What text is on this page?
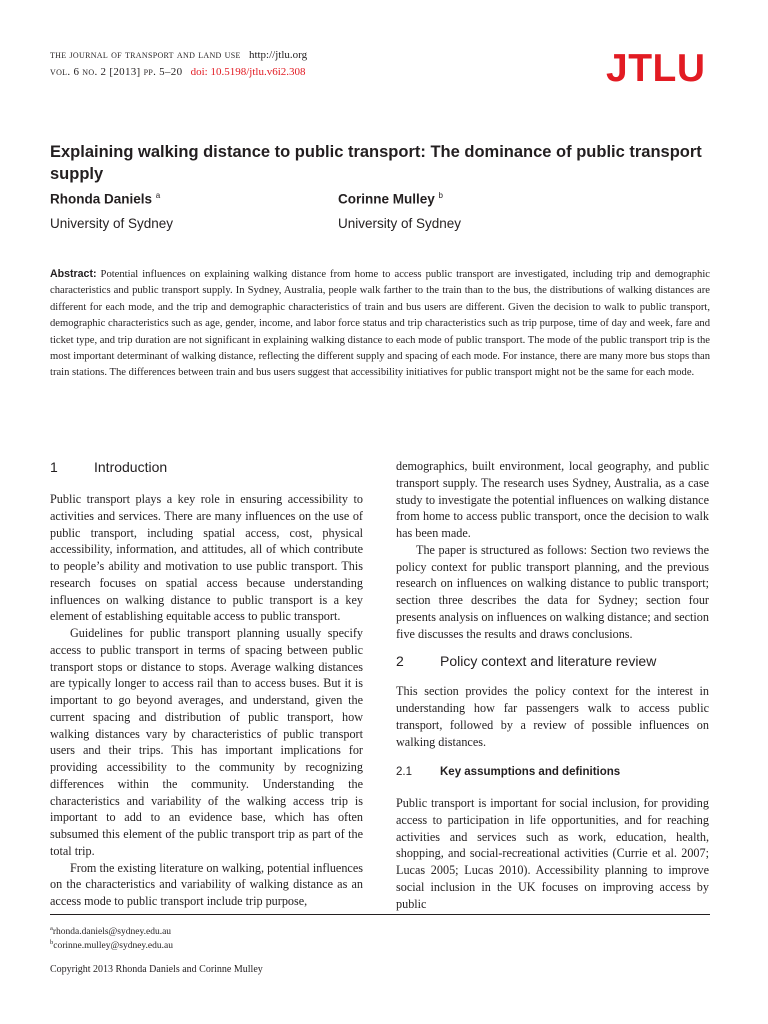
the journal of transport and land use http://jtlu.org
vol. 6 no. 2 [2013] pp. 5–20 doi: 10.5198/jtlu.v6i2.308	JTLU
Explaining walking distance to public transport: The dominance of public transport supply
Rhonda Daniels $^a$
University of Sydney
Corinne Mulley $^b$
University of Sydney
Abstract: Potential influences on explaining walking distance from home to access public transport are investigated, including trip and demographic characteristics and public transport supply. In Sydney, Australia, people walk farther to the train than to the bus, the distributions of walking distances are different for each mode, and the trip and demographic characteristics of train and bus users are different. Given the decision to walk to public transport, demographic characteristics such as age, gender, income, and labor force status and trip characteristics such as trip purpose, time of day and week, fare and ticket type, and trip duration are not significant in explaining walking distance to each mode of public transport. The mode of the public transport trip is the most important determinant of walking distance, reflecting the different supply and spacing of each mode. For instance, there are many more bus stops than train stations. The differences between train and bus users suggest that accessibility initiatives for public transport might not be the same for each mode.
1	Introduction

Public transport plays a key role in ensuring accessibility to activities and services. There are many influences on the use of public transport, including spatial access, cost, physical accessibility, information, and attitudes, all of which contribute to people’s ability and motivation to use public transport. This research focuses on spatial access because understanding influences on walking distance to public transport is a key element of establishing equitable access to public transport.

Guidelines for public transport planning usually specify access to public transport in terms of spacing between public transport stops or distance to stops. Average walking distances are typically longer to access rail than to access buses. But it is important to go beyond averages, and understand, given the current spacing and distribution of public transport, how walking distances vary by characteristics of public transport users and their trips. This has important implications for providing accessibility to the community by recognizing differences within the community. Understanding the characteristics and variability of the walking access trip is important to add to an evidence base, which has often subsumed this element of the public transport trip as part of the total trip.

From the existing literature on walking, potential influences on the characteristics and variability of walking distance as an access mode to public transport include trip purpose,

demographics, built environment, local geography, and public transport supply. The research uses Sydney, Australia, as a case study to investigate the potential influences on walking distance from home to access public transport, once the decision to walk has been made.

The paper is structured as follows: Section two reviews the policy context for public transport planning, and the previous research on influences on walking distance to public transport; section three describes the data for Sydney; section four presents analysis on influences on walking distance; and section five discusses the results and draws conclusions.

2	Policy context and literature review

This section provides the policy context for the interest in understanding how far passengers walk to access public transport, followed by a review of possible influences on walking distances.

2.1	Key assumptions and definitions

Public transport is important for social inclusion, for providing access to participation in life opportunities, and for reaching activities and services such as work, education, health, shopping, and social-recreational activities (Currie et al. 2007; Lucas 2005; Lucas 2010). Accessibility planning to improve social inclusion in the UK focuses on improving access by public

$^a$rhonda.daniels@sydney.edu.au
$^b$corinne.mulley@sydney.edu.au
Copyright 2013 Rhonda Daniels and Corinne Mulley
